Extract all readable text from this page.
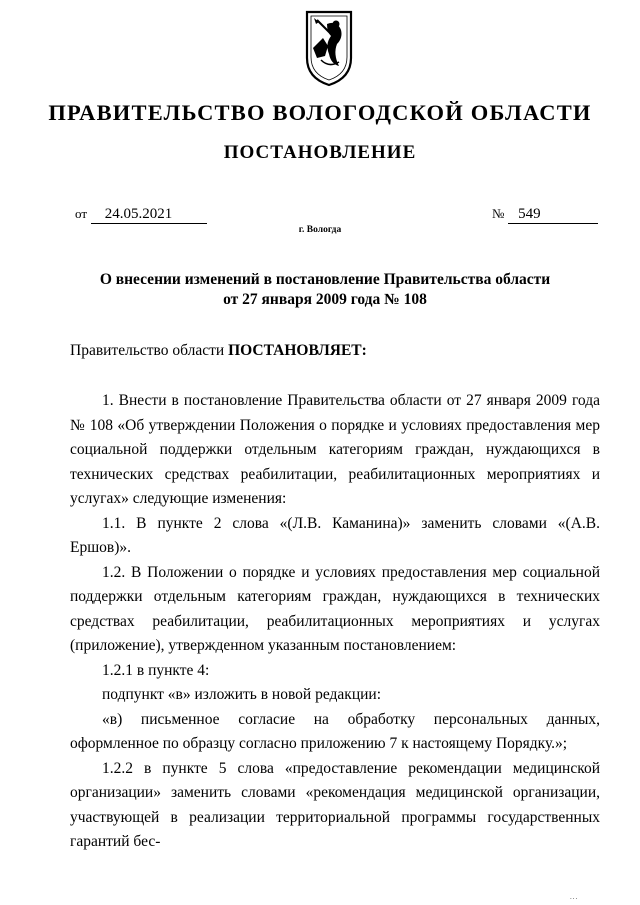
ПРАВИТЕЛЬСТВО ВОЛОГОДСКОЙ ОБЛАСТИ
ПОСТАНОВЛЕНИЕ
от 24.05.2021	№ 549
г. Вологда
О внесении изменений в постановление Правительства области
от 27 января 2009 года № 108
Правительство области ПОСТАНОВЛЯЕТ:

1. Внести в постановление Правительства области от 27 января 2009 года № 108 «Об утверждении Положения о порядке и условиях предоставления мер социальной поддержки отдельным категориям граждан, нуждающихся в технических средствах реабилитации, реабилитационных мероприятиях и услугах» следующие изменения:

1.1. В пункте 2 слова «(Л.В. Каманина)» заменить словами «(А.В. Ершов)».

1.2. В Положении о порядке и условиях предоставления мер социальной поддержки отдельным категориям граждан, нуждающихся в технических средствах реабилитации, реабилитационных мероприятиях и услугах (приложение), утвержденном указанным постановлением:

1.2.1 в пункте 4:

подпункт «в» изложить в новой редакции:

«в) письменное согласие на обработку персональных данных, оформленное по образцу согласно приложению 7 к настоящему Порядку.»;

1.2.2 в пункте 5 слова «предоставление рекомендации медицинской организации» заменить словами «рекомендация медицинской организации, участвующей в реализации территориальной программы государственных гарантий бес-

...
